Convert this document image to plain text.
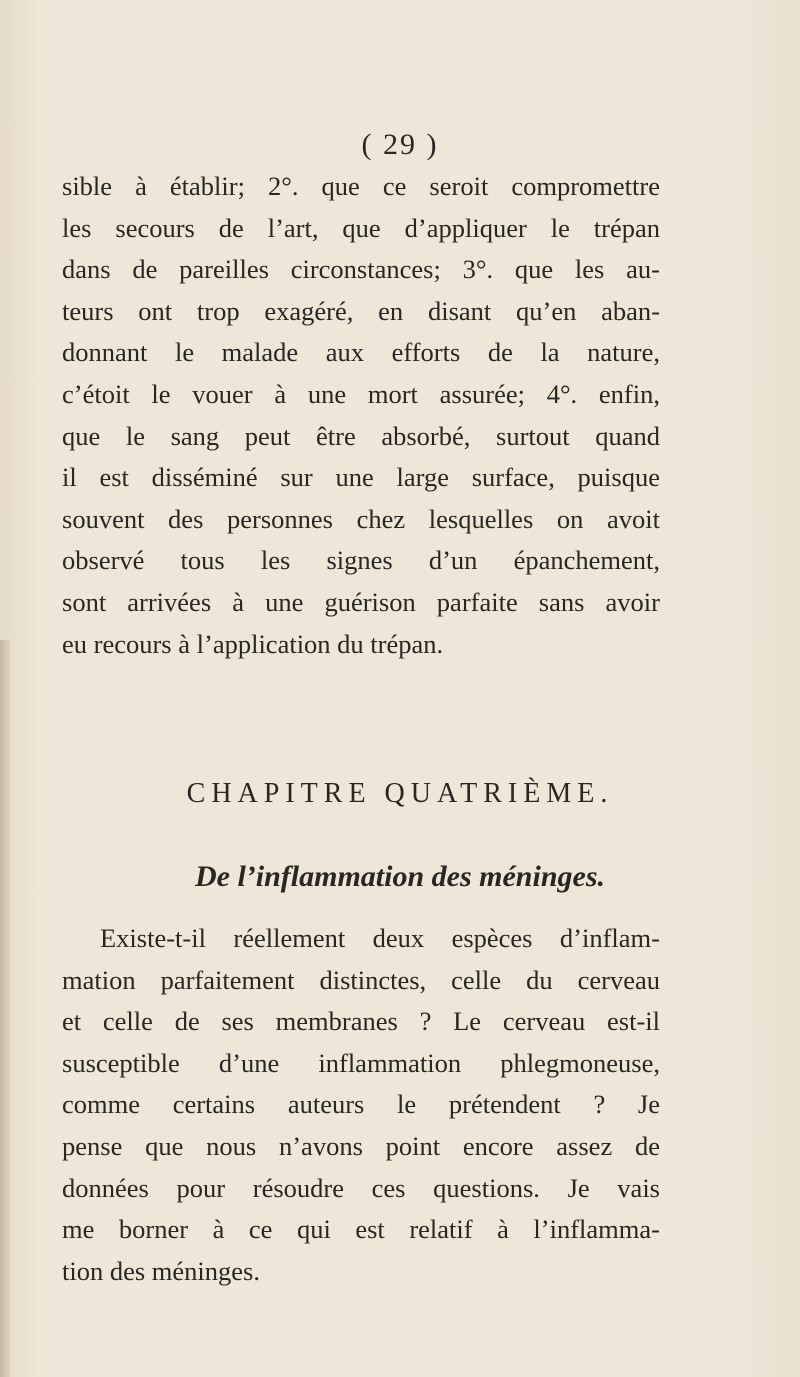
( 29 )
sible à établir; 2°. que ce seroit compromettre
les secours de l’art, que d’appliquer le trépan
dans de pareilles circonstances; 3°. que les au-
teurs ont trop exagéré, en disant qu’en aban-
donnant le malade aux efforts de la nature,
c’étoit le vouer à une mort assurée; 4°. enfin,
que le sang peut être absorbé, surtout quand
il est disséminé sur une large surface, puisque
souvent des personnes chez lesquelles on avoit
observé tous les signes d’un épanchement,
sont arrivées à une guérison parfaite sans avoir
eu recours à l’application du trépan.
CHAPITRE QUATRIÈME.
De l’inflammation des méninges.
Existe-t-il réellement deux espèces d’inflam-
mation parfaitement distinctes, celle du cerveau
et celle de ses membranes ? Le cerveau est-il
susceptible d’une inflammation phlegmoneuse,
comme certains auteurs le prétendent ? Je
pense que nous n’avons point encore assez de
données pour résoudre ces questions. Je vais
me borner à ce qui est relatif à l’inflamma-
tion des méninges.
